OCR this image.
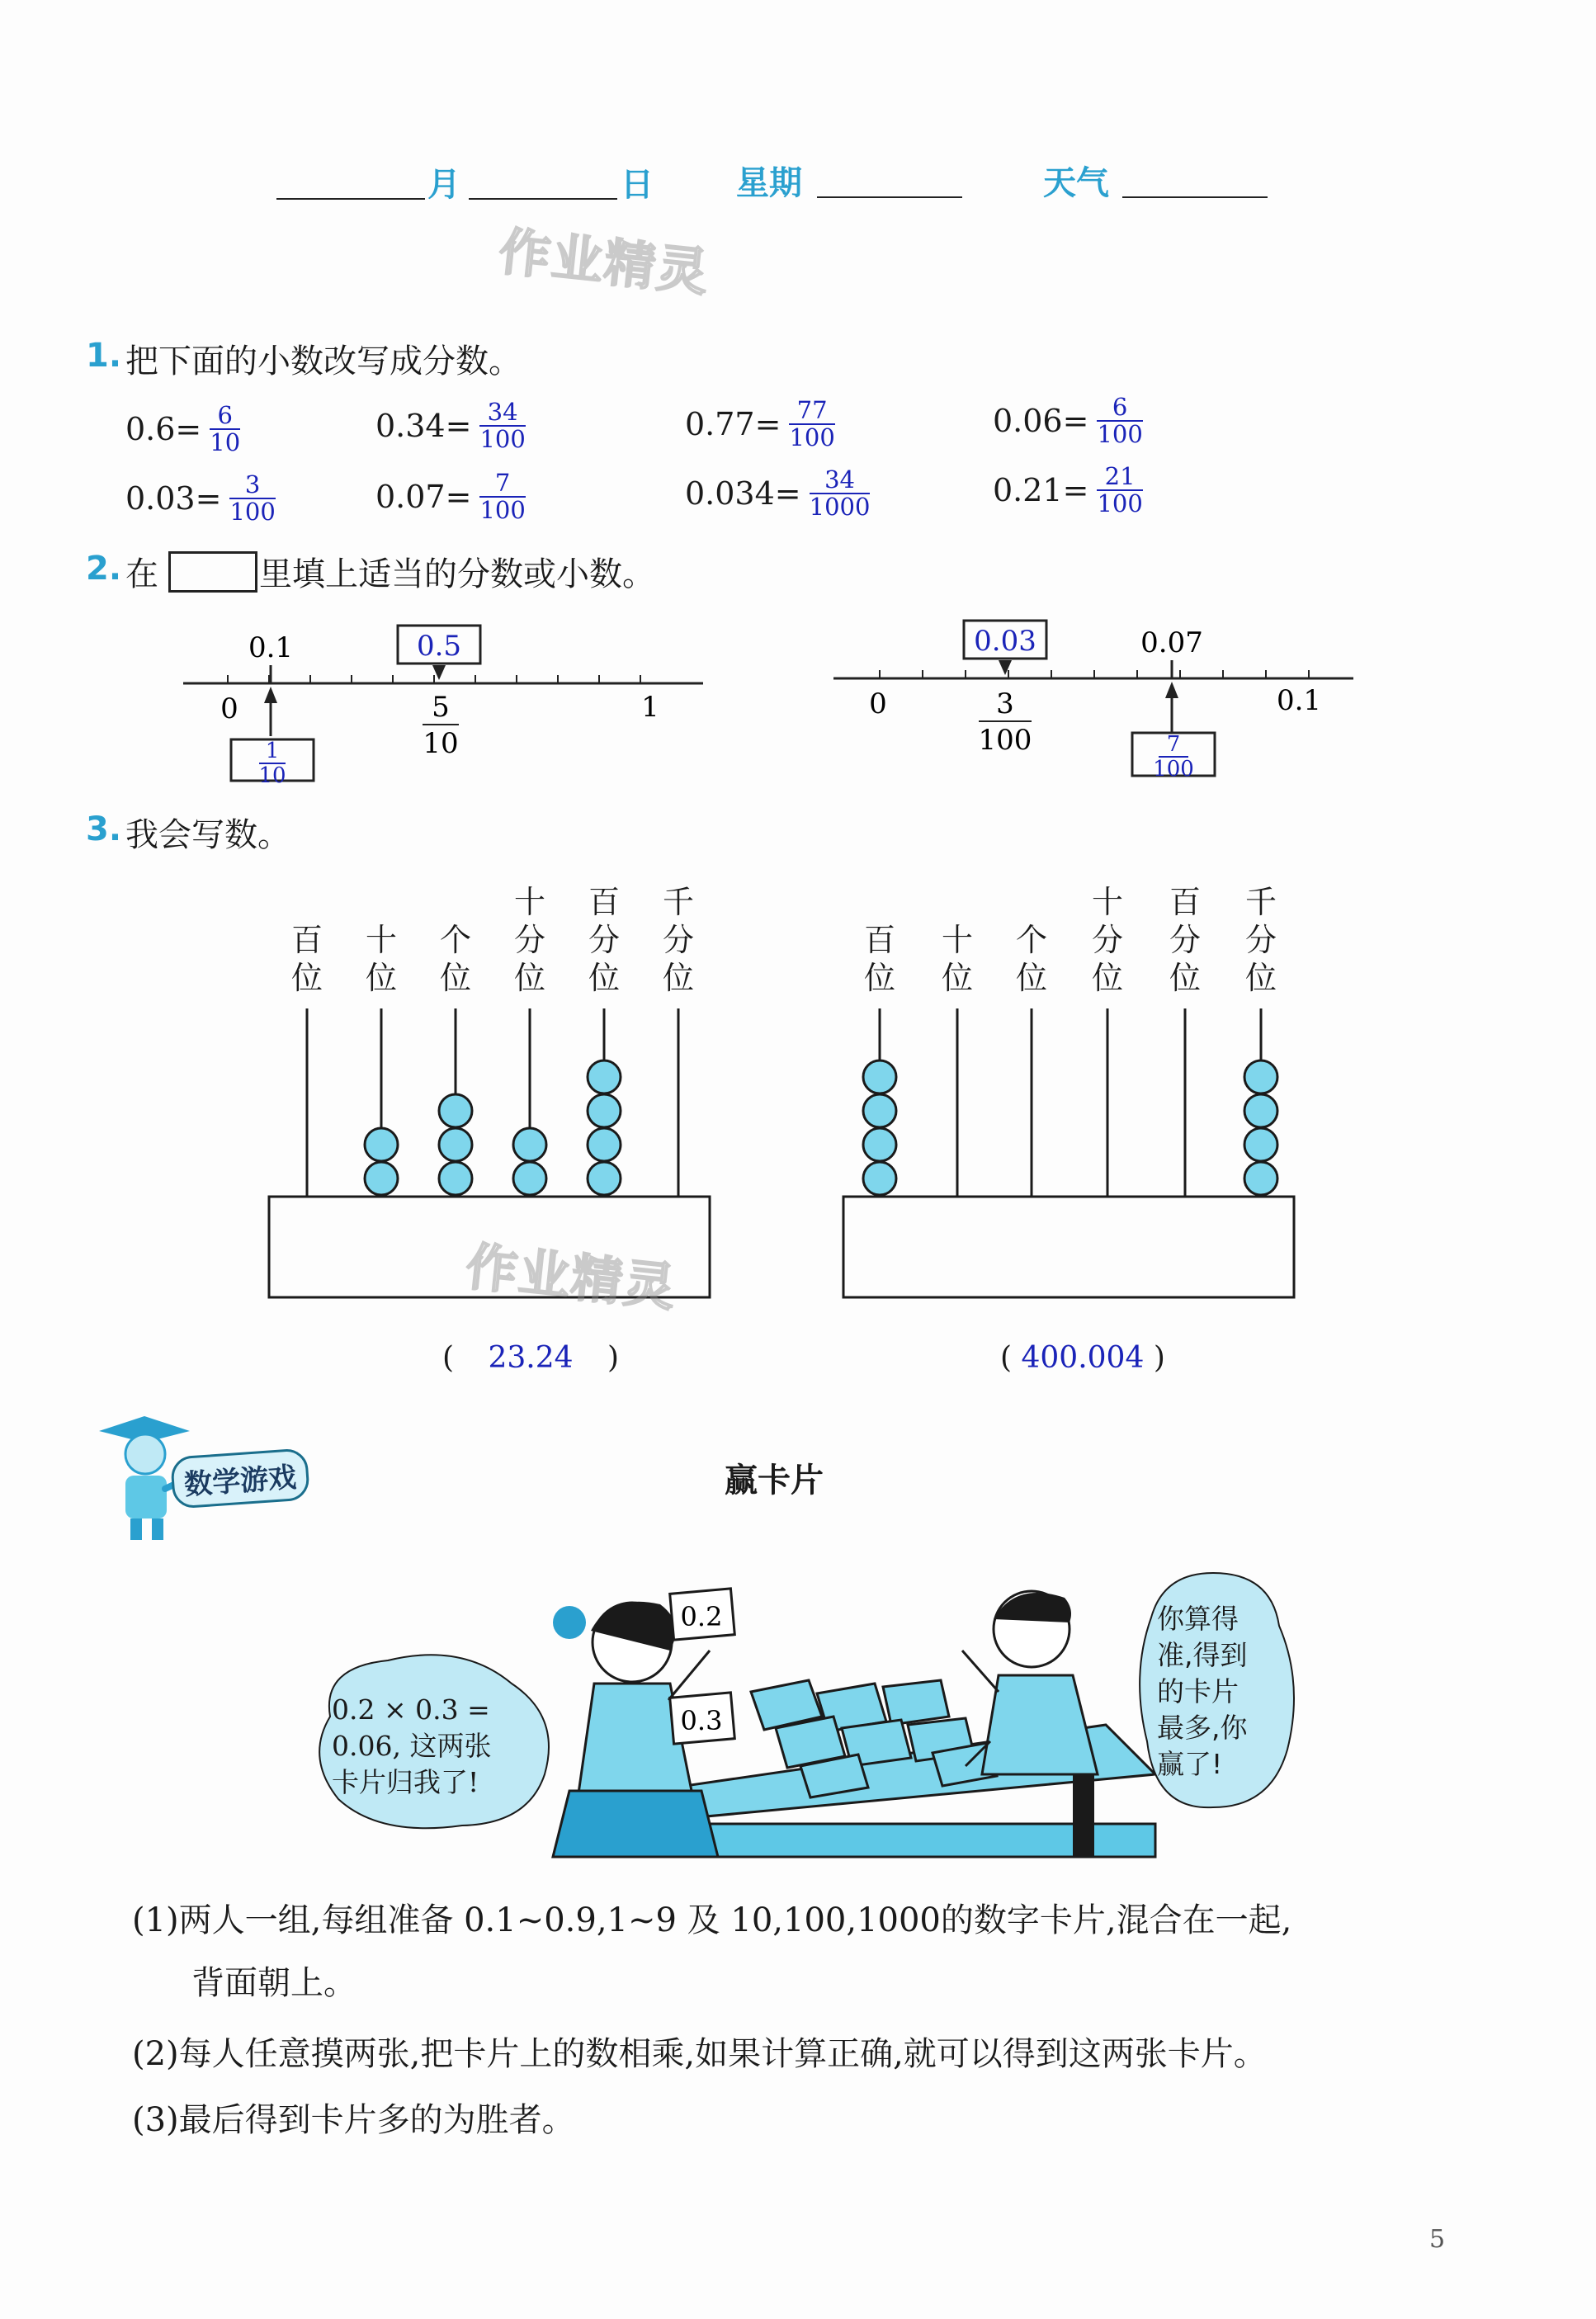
月	日	星期	天气
作业精灵
1. 把下面的小数改写成分数。
$0.6= \frac{6}{10}$	$0.34= \frac{34}{100}$	$0.77= \frac{77}{100}$	$0.06= \frac{6}{100}$
$0.03= \frac{3}{100}$	$0.07= \frac{7}{100}$	$0.034= \frac{34}{1000}$	$0.21= \frac{21}{100}$
2. 在	里填上适当的分数或小数。
0.1	0.5
0	1
5
10
1
10
0.03	0.07
0	0.1
3
100	7
100
3. 我会写数。
百
位
十
位
个
位
十
分
位
百
分
位
千
分
位
百
位
十
位
个
位
十
分
位
百
分
位
千
分
位
作业精灵
( 23.24 )	( 400.004 )
数学游戏	赢卡片
0.2
0.3
0.2 × 0.3 =
0.06, 这两张
卡片归我了!
你算得
准,得到
的卡片
最多,你
赢了!
(1)两人一组,每组准备 0.1~0.9,1~9 及 10,100,1000的数字卡片,混合在一起,
背面朝上。
(2)每人任意摸两张,把卡片上的数相乘,如果计算正确,就可以得到这两张卡片。
(3)最后得到卡片多的为胜者。
5
